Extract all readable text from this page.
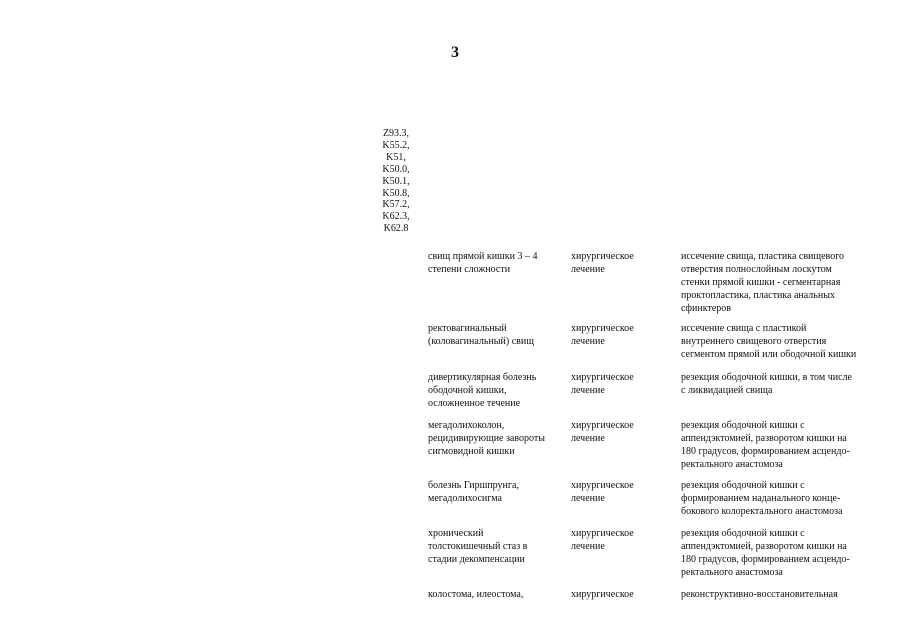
3
Z93.3,
K55.2,
K51,
K50.0,
K50.1,
K50.8,
K57.2,
K62.3,
K62.8
свищ прямой кишки 3 – 4
степени сложности
хирургическое
лечение
иссечение свища, пластика свищевого
отверстия полнослойным лоскутом
стенки прямой кишки - сегментарная
проктопластика, пластика анальных
сфинктеров
ректовагинальный
(коловагинальный) свищ
хирургическое
лечение
иссечение свища с пластикой
внутреннего свищевого отверстия
сегментом прямой или ободочной кишки
дивертикулярная болезнь
ободочной кишки,
осложненное течение
хирургическое
лечение
резекция ободочной кишки, в том числе
с ликвидацией свища
мегадолихоколон,
рецидивирующие завороты
сигмовидной кишки
хирургическое
лечение
резекция ободочной кишки с
аппендэктомией, разворотом кишки на
180 градусов, формированием асцендо-
ректального анастомоза
болезнь Гиршпрунга,
мегадолихосигма
хирургическое
лечение
резекция ободочной кишки с
формированием наданального конце-
бокового колоректального анастомоза
хронический
толстокишечный стаз в
стадии декомпенсации
хирургическое
лечение
резекция ободочной кишки с
аппендэктомией, разворотом кишки на
180 градусов, формированием асцендо-
ректального анастомоза
колостома, илеостома,	хирургическое	реконструктивно-восстановительная
